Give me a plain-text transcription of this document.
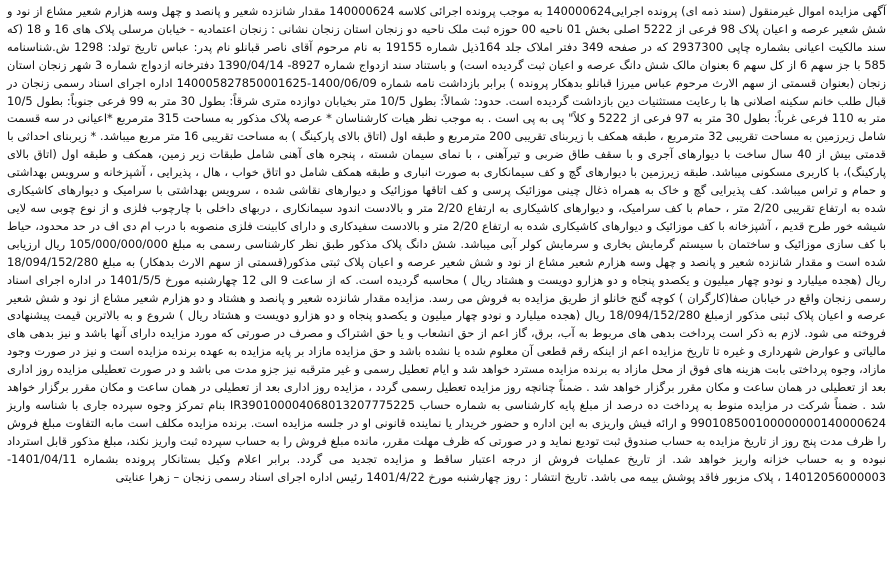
آگهی مزایده اموال غیرمنقول (سند ذمه ای) پرونده اجرایی140000624 به موجب پرونده اجرائی کلاسه 140000624 مقدار شانزده شعیر و پانصد و چهل وسه هزارم شعیر مشاع از نود و شش شعیر عرصه و اعیان پلاک 98 فرعی از 5222 اصلی بخش 01 ناحیه 00 حوزه ثبت ملک ناحیه دو زنجان استان زنجان نشانی : زنجان اعتمادیه - خیابان مرسلی پلاک های 16 و 18 (که سند مالکیت اعیانی بشماره چاپی 2937300 که در صفحه 349 دفتر املاک جلد 164ذیل شماره 19155 به نام مرحوم آقای ناصر قبانلو نام پدر: عباس تاریخ تولد: 1298 ش.شناسنامه 585 با جز سهم 6 از کل سهم 6 بعنوان مالک شش دانگ عرصه و اعیان ثبت گردیده است) و باستناد سند ازدواج شماره 8927- 1390/04/14 دفترخانه ازدواج شماره 3 شهر زنجان استان زنجان (بعنوان قسمتی از سهم الارث مرحوم عباس میرزا قبانلو بدهکار پرونده ) برابر بازداشت نامه شماره 1400/06/09-140005827850001625 اداره اجرای اسناد رسمی زنجان در قبال طلب خانم سکینه اصلانی ها با رعایت مستثنیات دین بازداشت گردیده است. حدود: شمالاً: بطول 10/5 متر بخیابان دوازده متری شرقاً: بطول 30 متر به 99 فرعی جنوباً: بطول 10/5 متر به 110 فرعی غرباً: بطول 30 متر به 97 فرعی از 5222 و کلاً" پی به پی است . به موجب نظر هیات کارشناسان * عرصه پلاک مذکور به مساحت 315 مترمربع *اعیانی در سه قسمت شامل زیرزمین به مساحت تقریبی 32 مترمربع ، طبقه همکف با زیربنای تقریبی 200 مترمربع و طبقه اول (اتاق بالای پارکینگ ) به مساحت تقریبی 16 متر مربع میباشد. * زیربنای احداثی با قدمتی بیش از 40 سال ساخت با دیوارهای آجری و با سقف طاق ضربی و تیرآهنی ، با نمای سیمان شسته ، پنجره های آهنی شامل طبقات زیر زمین، همکف و طبقه اول (اتاق بالای پارکینگ)، با کاربری مسکونی میباشد. طبقه زیرزمین با دیوارهای گچ و کف سیمانکاری به صورت انباری و طبقه همکف شامل دو اتاق خواب ، هال ، پذیرایی ، آشپزخانه و سرویس بهداشتی و حمام و تراس میباشد. کف پذیرایی گچ و خاک به همراه ذغال چینی موزائیک پرسی و کف اتاقها موزائیک و دیوارهای نقاشی شده ، سرویس بهداشتی با سرامیک و دیوارهای کاشیکاری شده به ارتفاع تقریبی 2/20 متر ، حمام با کف سرامیک، و دیوارهای کاشیکاری به ارتفاع 2/20 متر و بالادست اندود سیمانکاری ، دربهای داخلی با چارچوب فلزی و از نوع چوبی سه لایی شیشه خور طرح قدیم ، آشپزخانه با کف موزائیک و دیوارهای کاشیکاری شده به ارتفاع 2/20 متر و بالادست سفیدکاری و دارای کابینت فلزی منصوبه با درب ام دی اف در حد محدود، حیاط با کف سازی موزائیک و ساختمان با سیستم گرمایش بخاری و سرمایش کولر آبی میباشد. شش دانگ پلاک مذکور طبق نظر کارشناسی رسمی به مبلغ 105/000/000/000 ریال ارزیابی شده است و مقدار شانزده شعیر و پانصد و چهل وسه هزارم شعیر مشاع از نود و شش شعیر عرصه و اعیان پلاک ثبتی مذکور(قسمتی از سهم الارث بدهکار) به مبلغ 18/094/152/280 ریال (هجده میلیارد و نودو چهار میلیون و یکصدو پنجاه و دو هزارو دویست و هشتاد ریال ) محاسبه گردیده است. که از ساعت 9 الی 12 چهارشنبه مورخ 1401/5/5 در اداره اجرای اسناد رسمی زنجان واقع در خیابان صفا(کارگران ) کوچه گنج خانلو از طریق مزایده به فروش می رسد. مزایده مقدار شانزده شعیر و پانصد و هشتاد و دو هزارم شعیر مشاع از نود و شش شعیر عرصه و اعیان پلاک ثبتی مذکور ازمبلغ 18/094/152/280 ریال (هجده میلیارد و نودو چهار میلیون و یکصدو پنجاه و دو هزارو دویست و هشتاد ریال ) شروع و به بالاترین قیمت پیشنهادی فروخته می شود. لازم به ذکر است پرداخت بدهی های مربوط به آب، برق، گاز اعم از حق انشعاب و یا حق اشتراک و مصرف در صورتی که مورد مزایده دارای آنها باشد و نیز بدهی های مالیاتی و عوارض شهرداری و غیره تا تاریخ مزایده اعم از اینکه رقم قطعی آن معلوم شده یا نشده باشد و حق مزایده مازاد بر پایه مزایده به عهده برنده مزایده است و نیز در صورت وجود مازاد، وجوه پرداختی بابت هزینه های فوق از محل مازاد به برنده مزایده مسترد خواهد شد و ایام تعطیل رسمی و غیر مترقبه نیز جزو مدت می باشد و در صورت تعطیلی مزایده روز اداری بعد از تعطیلی در همان ساعت و مکان مقرر برگزار خواهد شد . ضمناً چنانچه روز مزایده تعطیل رسمی گردد ، مزایده روز اداری بعد از تعطیلی در همان ساعت و مکان مقرر برگزار خواهد شد . ضمناً شرکت در مزایده منوط به پرداخت ده درصد از مبلغ پایه کارشناسی به شماره حساب IR390100004068013207775225 بنام تمرکز وجوه سپرده جاری با شناسه واریز 990108500100000000140000624 و ارائه فیش واریزی به این اداره و حضور خریدار یا نماینده قانونی او در جلسه مزایده است. برنده مزایده مکلف است مابه التفاوت مبلغ فروش را ظرف مدت پنج روز از تاریخ مزایده به حساب صندوق ثبت تودیع نماید و در صورتی که ظرف مهلت مقرر، مانده مبلغ فروش را به حساب سپرده ثبت واریز نکند، مبلغ مذکور قابل استرداد نبوده و به حساب خزانه واریز خواهد شد. از تاریخ عملیات فروش از درجه اعتبار ساقط و مزایده تجدید می گردد. برابر اعلام وکیل بستانکار پرونده بشماره 1401/04/11-14012056000003 ، پلاک مزبور فاقد پوشش بیمه می باشد. تاریخ انتشار : روز چهارشنبه مورخ 1401/4/22 رئیس اداره اجرای اسناد رسمی زنجان – زهرا عنایتی
